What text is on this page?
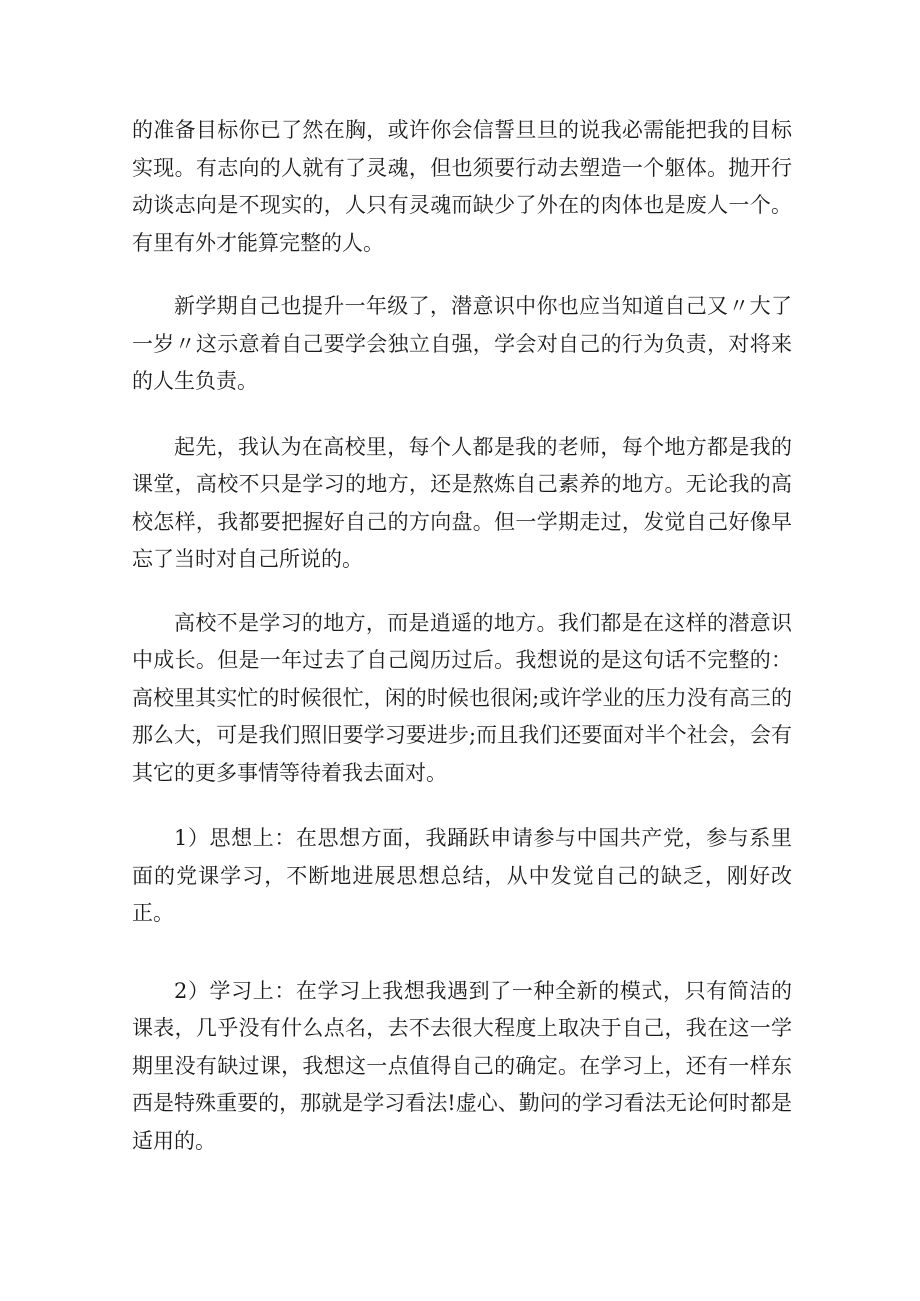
的准备目标你已了然在胸，或许你会信誓旦旦的说我必需能把我的目标实现。有志向的人就有了灵魂，但也须要行动去塑造一个躯体。抛开行动谈志向是不现实的，人只有灵魂而缺少了外在的肉体也是废人一个。有里有外才能算完整的人。

新学期自己也提升一年级了，潜意识中你也应当知道自己又〃大了一岁〃这示意着自己要学会独立自强，学会对自己的行为负责，对将来的人生负责。

起先，我认为在高校里，每个人都是我的老师，每个地方都是我的课堂，高校不只是学习的地方，还是熬炼自己素养的地方。无论我的高校怎样，我都要把握好自己的方向盘。但一学期走过，发觉自己好像早忘了当时对自己所说的。

高校不是学习的地方，而是逍遥的地方。我们都是在这样的潜意识中成长。但是一年过去了自己阅历过后。我想说的是这句话不完整的：高校里其实忙的时候很忙，闲的时候也很闲;或许学业的压力没有高三的那么大，可是我们照旧要学习要进步;而且我们还要面对半个社会，会有其它的更多事情等待着我去面对。

1）思想上：在思想方面，我踊跃申请参与中国共产党，参与系里面的党课学习，不断地进展思想总结，从中发觉自己的缺乏，刚好改正。

2）学习上：在学习上我想我遇到了一种全新的模式，只有简洁的课表，几乎没有什么点名，去不去很大程度上取决于自己，我在这一学期里没有缺过课，我想这一点值得自己的确定。在学习上，还有一样东西是特殊重要的，那就是学习看法!虚心、勤问的学习看法无论何时都是适用的。
